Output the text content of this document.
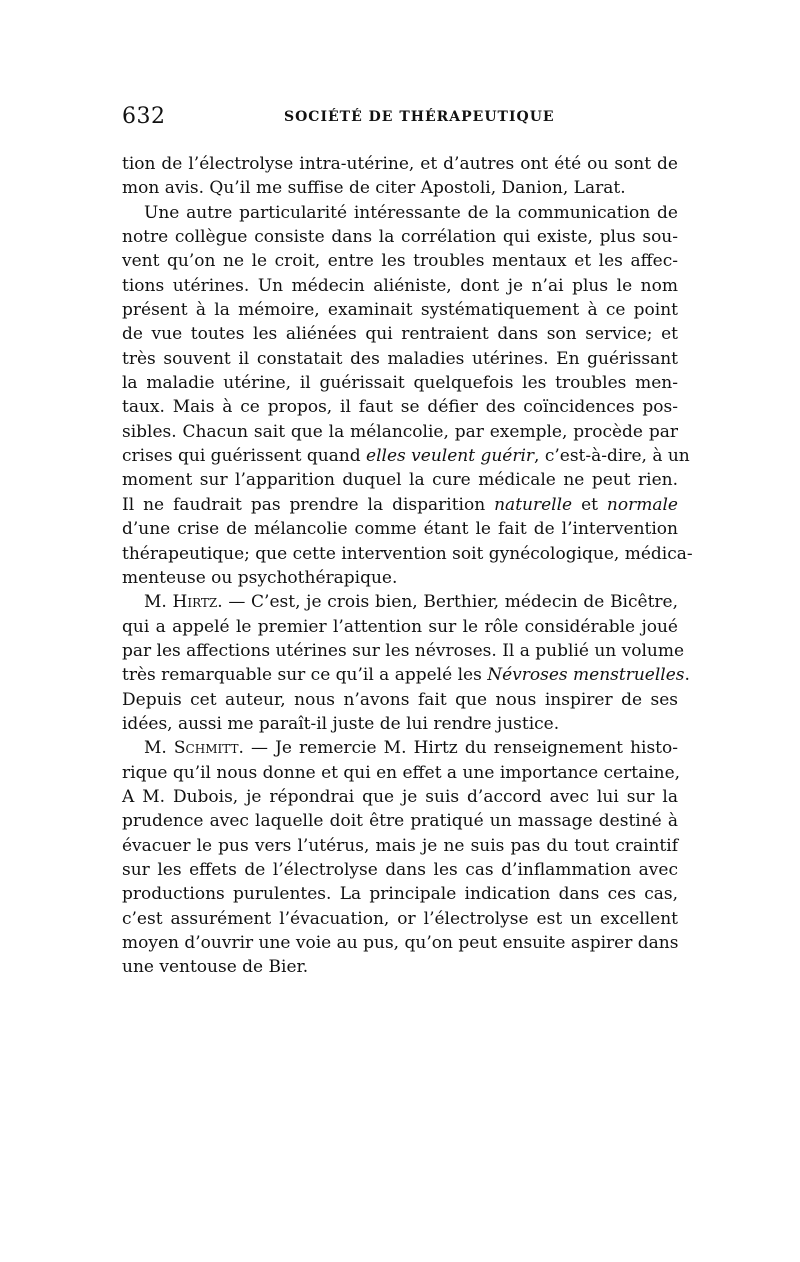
632	SOCIÉTÉ DE THÉRAPEUTIQUE
tion de l’électrolyse intra-utérine, et d’autres ont été ou sont de
mon avis. Qu’il me suffise de citer Apostoli, Danion, Larat.
Une autre particularité intéressante de la communication de
notre collègue consiste dans la corrélation qui existe, plus sou-
vent qu’on ne le croit, entre les troubles mentaux et les affec-
tions utérines. Un médecin aliéniste, dont je n’ai plus le nom
présent à la mémoire, examinait systématiquement à ce point
de vue toutes les aliénées qui rentraient dans son service; et
très souvent il constatait des maladies utérines. En guérissant
la maladie utérine, il guérissait quelquefois les troubles men-
taux. Mais à ce propos, il faut se défier des coïncidences pos-
sibles. Chacun sait que la mélancolie, par exemple, procède par
crises qui guérissent quand elles veulent guérir, c’est-à-dire, à un
moment sur l’apparition duquel la cure médicale ne peut rien.
Il ne faudrait pas prendre la disparition naturelle et normale
d’une crise de mélancolie comme étant le fait de l’intervention
thérapeutique; que cette intervention soit gynécologique, médica-
menteuse ou psychothérapique.
M. Hirtz. — C’est, je crois bien, Berthier, médecin de Bicêtre,
qui a appelé le premier l’attention sur le rôle considérable joué
par les affections utérines sur les névroses. Il a publié un volume
très remarquable sur ce qu’il a appelé les Névroses menstruelles.
Depuis cet auteur, nous n’avons fait que nous inspirer de ses
idées, aussi me paraît-il juste de lui rendre justice.
M. Schmitt. — Je remercie M. Hirtz du renseignement histo-
rique qu’il nous donne et qui en effet a une importance certaine,
A M. Dubois, je répondrai que je suis d’accord avec lui sur la
prudence avec laquelle doit être pratiqué un massage destiné à
évacuer le pus vers l’utérus, mais je ne suis pas du tout craintif
sur les effets de l’électrolyse dans les cas d’inflammation avec
productions purulentes. La principale indication dans ces cas,
c’est assurément l’évacuation, or l’électrolyse est un excellent
moyen d’ouvrir une voie au pus, qu’on peut ensuite aspirer dans
une ventouse de Bier.
